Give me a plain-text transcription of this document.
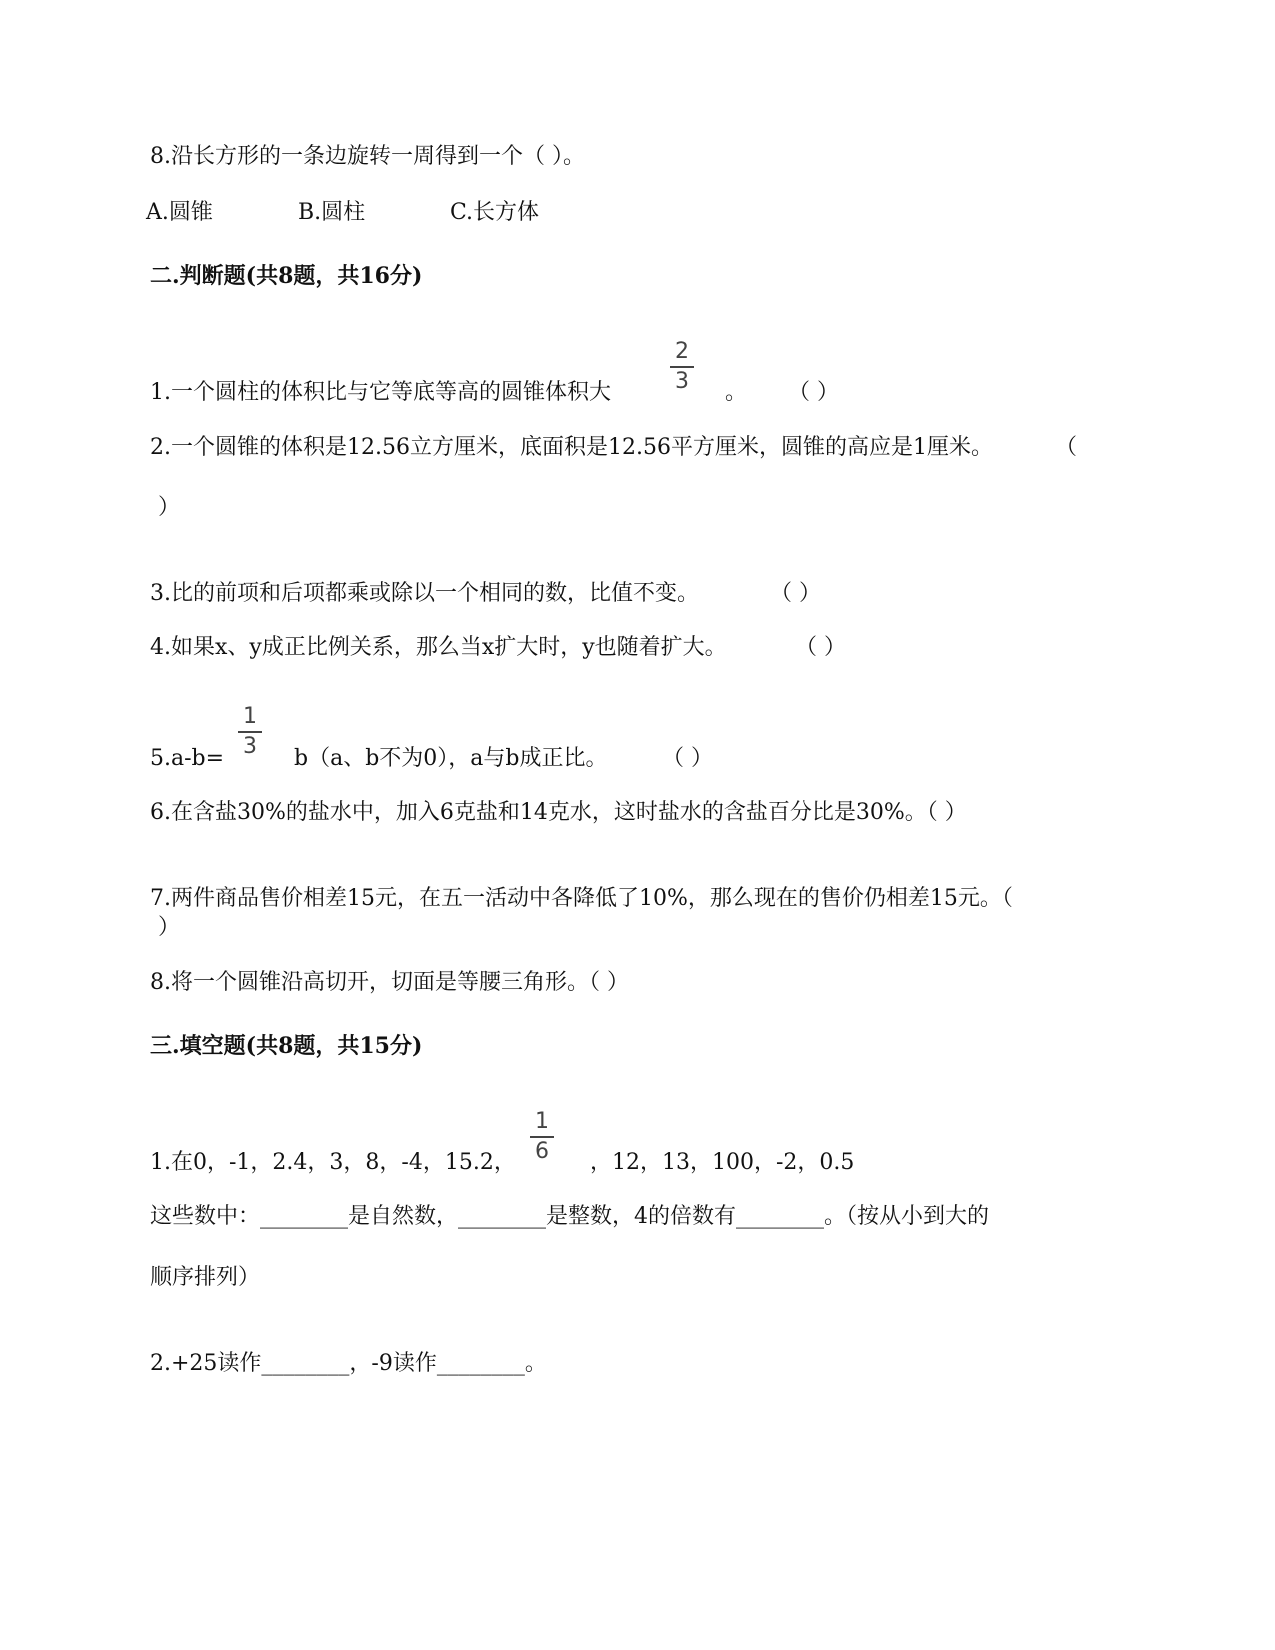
8.沿长方形的一条边旋转一周得到一个（ ）。
A.圆锥	B.圆柱	C.长方体
二.判断题(共8题，共16分)
1.一个圆柱的体积比与它等底等高的圆锥体积大
2
3 。 （ ）
2.一个圆锥的体积是12.56立方厘米，底面积是12.56平方厘米，圆锥的高应是1厘米。	（
）
3.比的前项和后项都乘或除以一个相同的数，比值不变。	（ ）
4.如果x、y成正比例关系，那么当x扩大时，y也随着扩大。	（ ）
5.a-b=
1
3 b（a、b不为0），a与b成正比。 （ ）
6.在含盐30%的盐水中，加入6克盐和14克水，这时盐水的含盐百分比是30%。（ ）
7.两件商品售价相差15元，在五一活动中各降低了10%，那么现在的售价仍相差15元。（
）
8.将一个圆锥沿高切开，切面是等腰三角形。（ ）
三.填空题(共8题，共15分)
1.在0，-1，2.4，3，8，-4，15.2，
1
6 ，12，13，100，-2，0.5
这些数中：________是自然数，________是整数，4的倍数有________。（按从小到大的
顺序排列）
2.+25读作________，-9读作________。
